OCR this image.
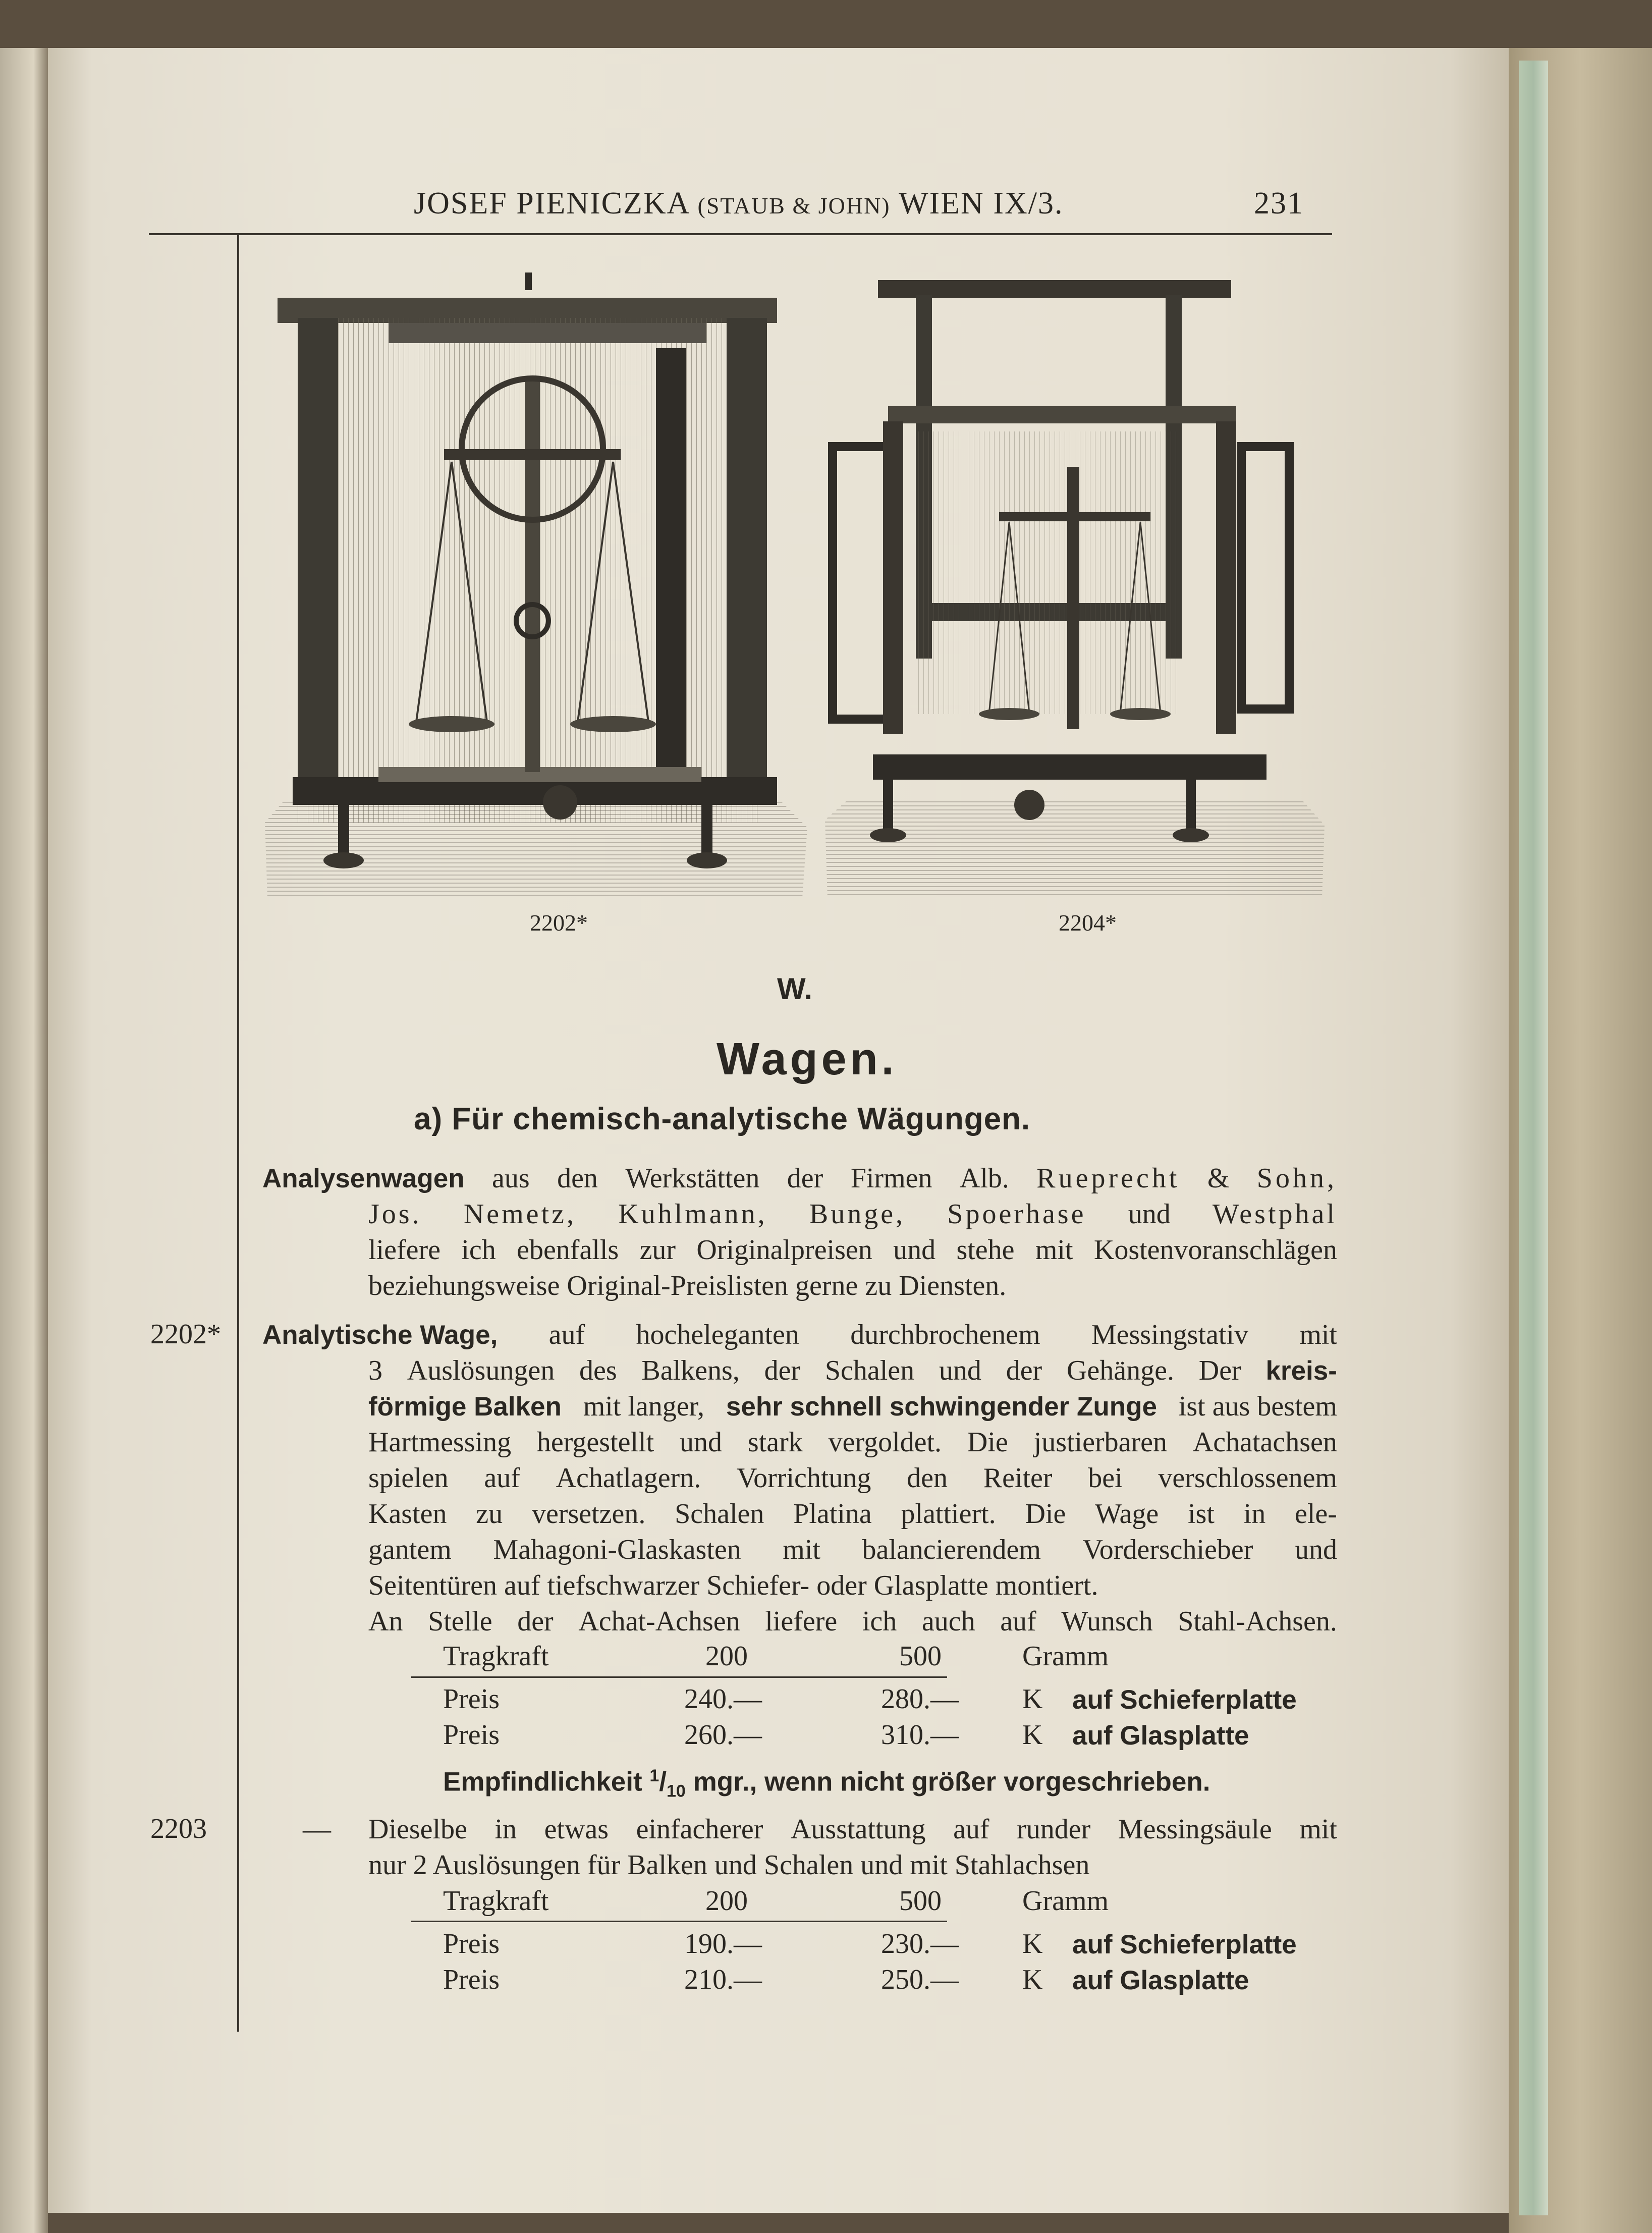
JOSEF PIENICZKA (STAUB & JOHN) WIEN IX/3.	231
2202*	2204*
W.
Wagen.
a) Für chemisch-analytische Wägungen.
Analysenwagen aus den Werkstätten der Firmen Alb. Rueprecht & Sohn,
Jos. Nemetz, Kuhlmann, Bunge, Spoerhase und Westphal
liefere ich ebenfalls zur Originalpreisen und stehe mit Kostenvoranschlägen
beziehungsweise Original-Preislisten gerne zu Diensten.
2202* Analytische Wage, auf hocheleganten durchbrochenem Messingstativ mit
3 Auslösungen des Balkens, der Schalen und der Gehänge. Der kreis-
förmige Balken mit langer, sehr schnell schwingender Zunge ist aus bestem
Hartmessing hergestellt und stark vergoldet. Die justierbaren Achatachsen
spielen auf Achatlagern. Vorrichtung den Reiter bei verschlossenem
Kasten zu versetzen. Schalen Platina plattiert. Die Wage ist in ele-
gantem Mahagoni-Glaskasten mit balancierendem Vorderschieber und
Seitentüren auf tiefschwarzer Schiefer- oder Glasplatte montiert.
An Stelle der Achat-Achsen liefere ich auch auf Wunsch Stahl-Achsen.
Tragkraft	200	500	Gramm
Preis	240.—	280.— K auf Schieferplatte
Preis	260.—	310.— K auf Glasplatte
Empfindlichkeit $^1/_{10}$ mgr., wenn nicht größer vorgeschrieben.
2203	— Dieselbe in etwas einfacherer Ausstattung auf runder Messingsäule mit
nur 2 Auslösungen für Balken und Schalen und mit Stahlachsen
Tragkraft	200	500	Gramm
Preis	190.—	230.— K auf Schieferplatte
Preis	210.—	250.— K auf Glasplatte
